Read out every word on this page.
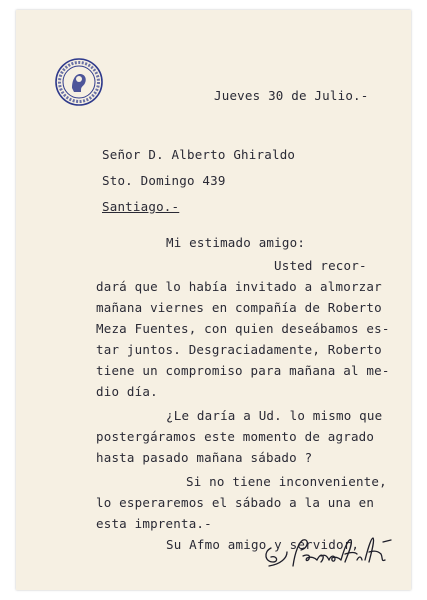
Jueves 30 de Julio.-
Señor D. Alberto Ghiraldo
Sto. Domingo 439
Santiago.-
Mi estimado amigo:
Usted recor-
dará que lo había invitado a almorzar
mañana viernes en compañía de Roberto
Meza Fuentes, con quien deseábamos es-
tar juntos. Desgraciadamente, Roberto
tiene un compromiso para mañana al me-
dio día.
¿Le daría a Ud. lo mismo que
postergáramos este momento de agrado
hasta pasado mañana sábado ?
Si no tiene inconveniente,
lo esperaremos el sábado a la una en
esta imprenta.-
Su Afmo amigo y servidor,
